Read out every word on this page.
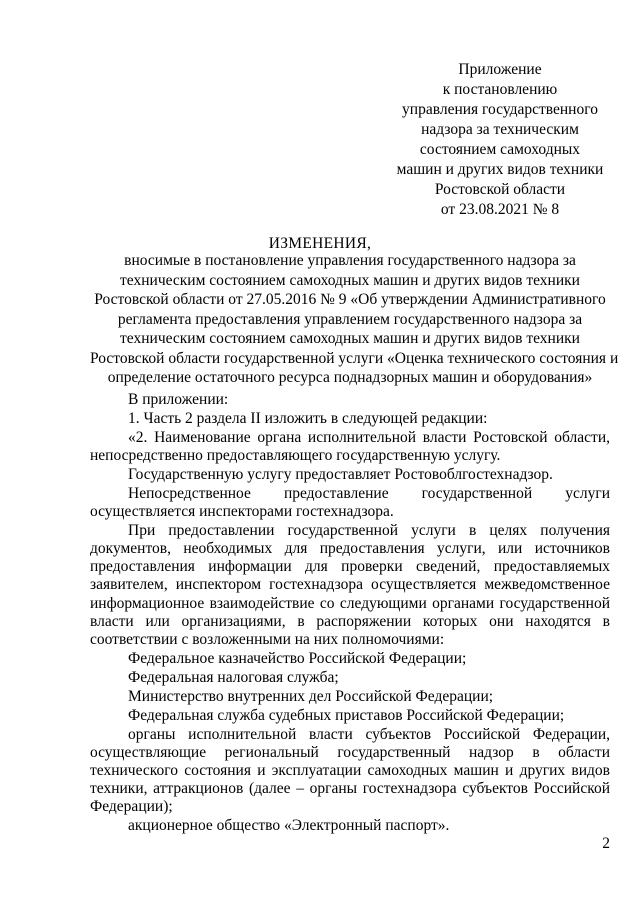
Приложение
к постановлению
управления государственного
надзора за техническим
состоянием самоходных
машин и других видов техники
Ростовской области
от 23.08.2021 № 8
ИЗМЕНЕНИЯ,
вносимые в постановление управления государственного надзора за
техническим состоянием самоходных машин и других видов техники
Ростовской области от 27.05.2016 № 9 «Об утверждении Административного
регламента предоставления управлением государственного надзора за
техническим состоянием самоходных машин и других видов техники
Ростовской области государственной услуги «Оценка технического состояния и
определение остаточного ресурса поднадзорных машин и оборудования»

В приложении:

1. Часть 2 раздела II изложить в следующей редакции:

«2. Наименование органа исполнительной власти Ростовской области, непосредственно предоставляющего государственную услугу.

Государственную услугу предоставляет Ростовоблгостехнадзор.

Непосредственное предоставление государственной услуги осуществляется инспекторами гостехнадзора.

При предоставлении государственной услуги в целях получения документов, необходимых для предоставления услуги, или источников предоставления информации для проверки сведений, предоставляемых заявителем, инспектором гостехнадзора осуществляется межведомственное информационное взаимодействие со следующими органами государственной власти или организациями, в распоряжении которых они находятся в соответствии с возложенными на них полномочиями:

Федеральное казначейство Российской Федерации;

Федеральная налоговая служба;

Министерство внутренних дел Российской Федерации;

Федеральная служба судебных приставов Российской Федерации;

органы исполнительной власти субъектов Российской Федерации, осуществляющие региональный государственный надзор в области технического состояния и эксплуатации самоходных машин и других видов техники, аттракционов (далее – органы гостехнадзора субъектов Российской Федерации);

акционерное общество «Электронный паспорт».

2
